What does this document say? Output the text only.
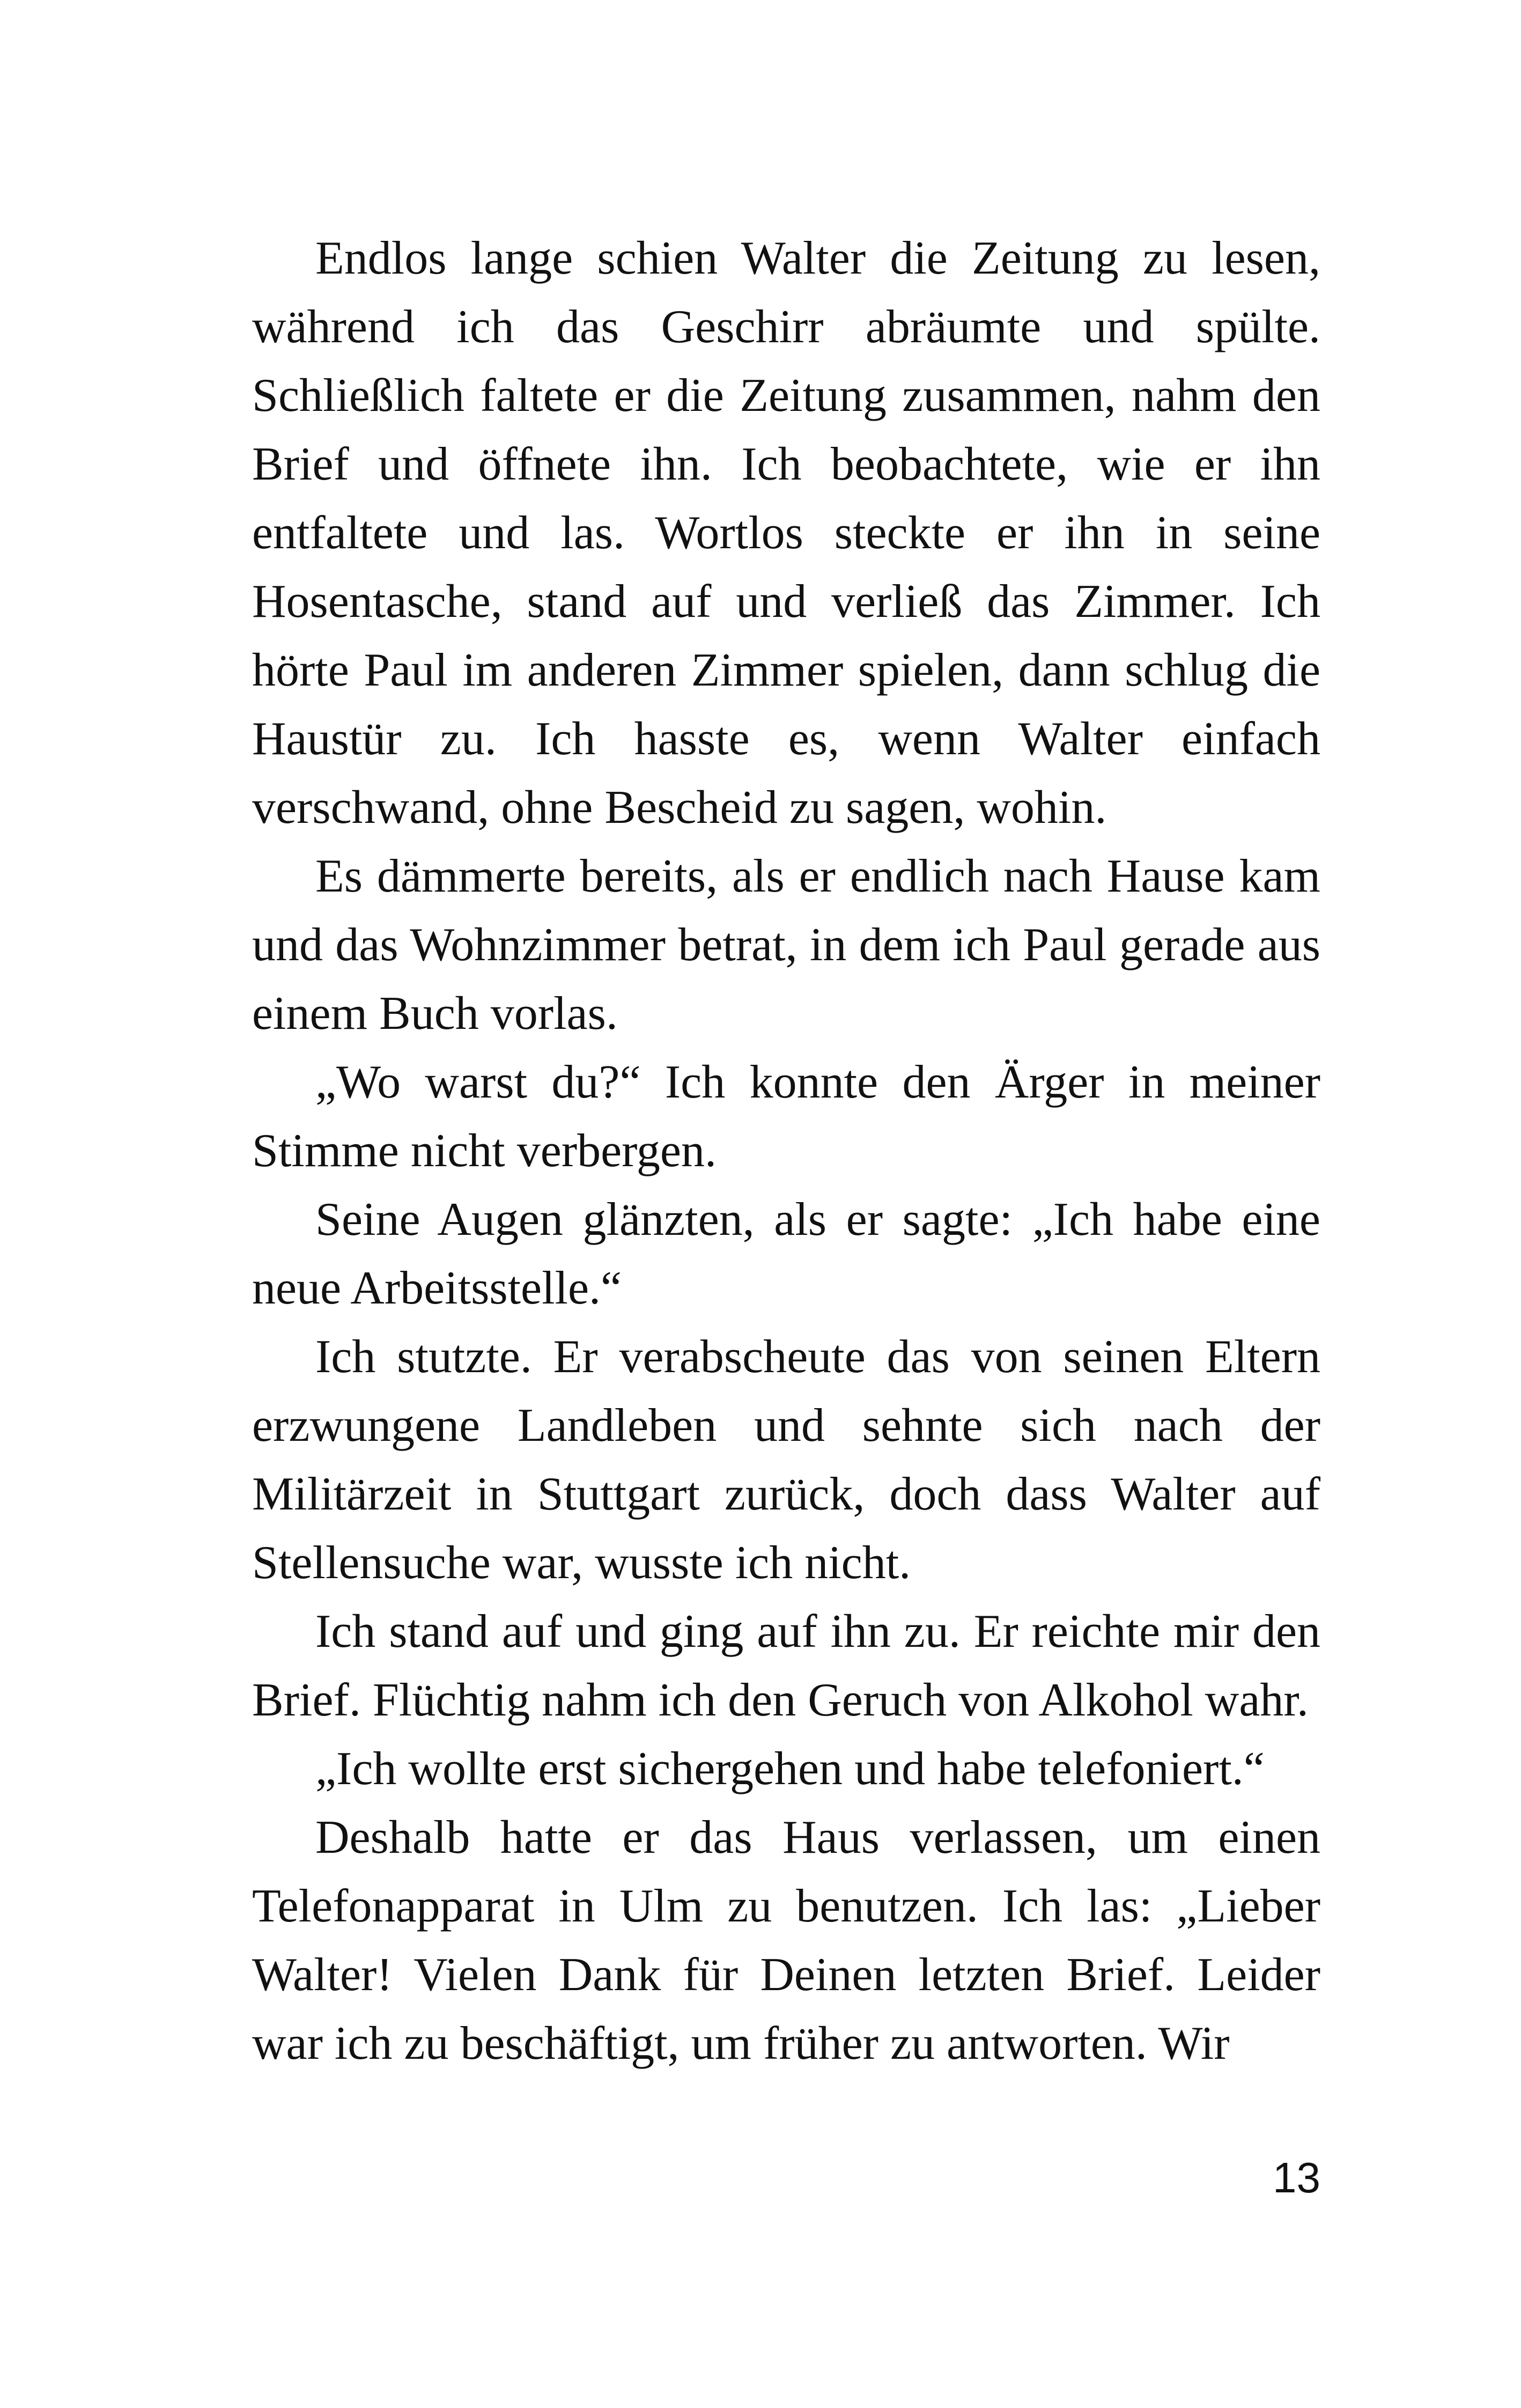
Endlos lange schien Walter die Zeitung zu lesen, während ich das Geschirr abräumte und spülte. Schließlich faltete er die Zeitung zusammen, nahm den Brief und öffnete ihn. Ich beobachtete, wie er ihn entfaltete und las. Wortlos steckte er ihn in seine Hosentasche, stand auf und verließ das Zimmer. Ich hörte Paul im anderen Zimmer spielen, dann schlug die Haustür zu. Ich hasste es, wenn Walter einfach verschwand, ohne Bescheid zu sagen, wohin.

Es dämmerte bereits, als er endlich nach Hause kam und das Wohnzimmer betrat, in dem ich Paul gerade aus einem Buch vorlas.

„Wo warst du?“ Ich konnte den Ärger in meiner Stimme nicht verbergen.

Seine Augen glänzten, als er sagte: „Ich habe eine neue Arbeitsstelle.“

Ich stutzte. Er verabscheute das von seinen Eltern erzwungene Landleben und sehnte sich nach der Militärzeit in Stuttgart zurück, doch dass Walter auf Stellensuche war, wusste ich nicht.

Ich stand auf und ging auf ihn zu. Er reichte mir den Brief. Flüchtig nahm ich den Geruch von Alkohol wahr.

„Ich wollte erst sichergehen und habe telefoniert.“

Deshalb hatte er das Haus verlassen, um einen Telefonapparat in Ulm zu benutzen. Ich las: „Lieber Walter! Vielen Dank für Deinen letzten Brief. Leider war ich zu beschäftigt, um früher zu antworten. Wir

13
